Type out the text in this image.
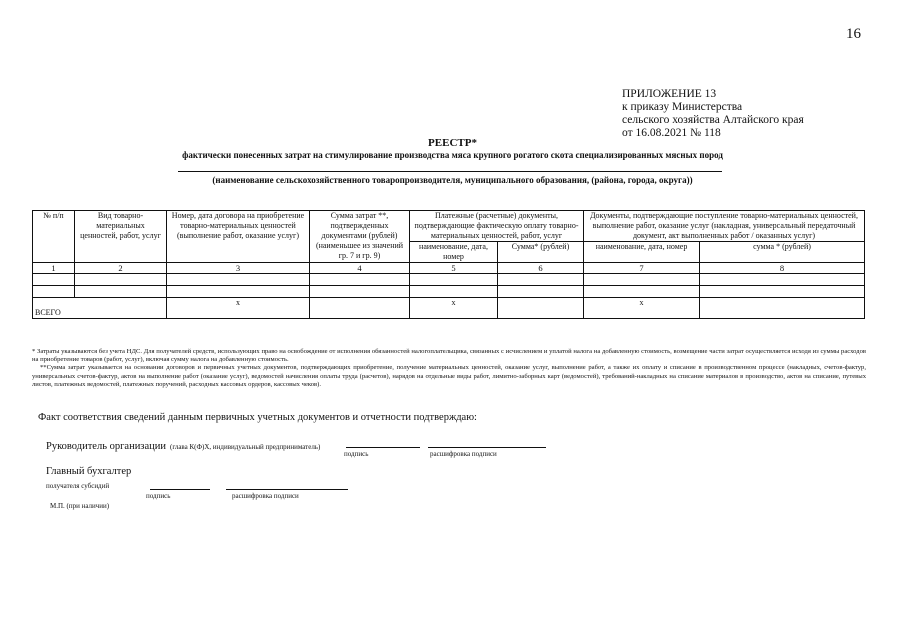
16
ПРИЛОЖЕНИЕ 13
к приказу Министерства
сельского хозяйства Алтайского края
от 16.08.2021 № 118
РЕЕСТР*
фактически понесенных затрат на стимулирование производства мяса крупного рогатого скота специализированных мясных пород
(наименование сельскохозяйственного товаропроизводителя, муниципального образования, (района, города, округа))
№ п/п	Вид товарно-материальных ценностей, работ, услуг	Номер, дата договора на приобретение товарно-материальных ценностей (выполнение работ, оказание услуг)	Сумма затрат **, подтвержденных документами (рублей)
(наименьшее из значений гр. 7 и гр. 9)	Платежные (расчетные) документы, подтверждающие фактическую оплату товарно-материальных ценностей, работ, услуг		Документы, подтверждающие поступление товарно-материальных ценностей, выполнение работ, оказание услуг (накладная, универсальный передаточный документ, акт выполненных работ / оказанных услуг)	
				наименование, дата, номер	Сумма* (рублей)	наименование, дата, номер	сумма * (рублей)
1	2	3	4	5	6	7	8

ВСЕГО		x		x		x	

* Затраты указываются без учета НДС. Для получателей средств, использующих право на освобождение от исполнения обязанностей налогоплательщика, связанных с исчислением и уплатой налога на добавленную стоимость, возмещение части затрат осуществляется исходя из суммы расходов на приобретение товаров (работ, услуг), включая сумму налога на добавленную стоимость.

**Сумма затрат указывается на основании договоров и первичных учетных документов, подтверждающих приобретение, получение материальных ценностей, оказание услуг, выполнение работ, а также их оплату и списание в производственном процессе (накладных, счетов-фактур, универсальных счетов-фактур, актов на выполнение работ (оказание услуг), ведомостей начисления оплаты труда (расчетов), нарядов на отдельные виды работ, лимитно-заборных карт (ведомостей), требований-накладных на списание материалов в производство, актов на списание, путевых листов, платежных ведомостей, платежных поручений, расходных кассовых ордеров, кассовых чеков).

Факт соответствия сведений данным первичных учетных документов и отчетности подтверждаю:
Руководитель организации (глава К(Ф)Х, индивидуальный предприниматель)
подпись	расшифровка подписи
Главный бухгалтер
получателя субсидий
подпись	расшифровка подписи
М.П. (при наличии)
